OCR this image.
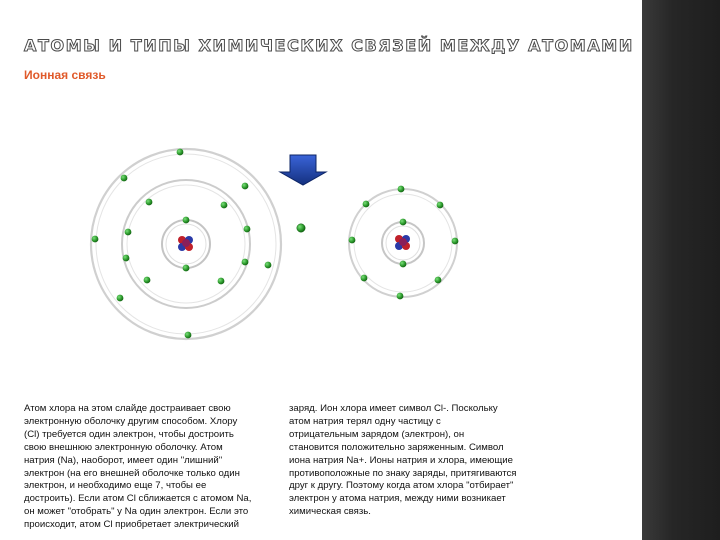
АТОМЫ И ТИПЫ ХИМИЧЕСКИХ СВЯЗЕЙ МЕЖДУ АТОМАМИ
Ионная связь
Атом хлора на этом слайде достраивает свою
электронную оболочку другим способом. Хлору
(Cl) требуется один электрон, чтобы достроить
свою внешнюю электронную оболочку. Атом
натрия (Na), наоборот, имеет один "лишний"
электрон (на его внешней оболочке только один
электрон, и необходимо еще 7, чтобы ее
достроить). Если атом Cl сближается с атомом Na,
он может "отобрать" у Na один электрон. Если это
происходит, атом Cl приобретает электрический
заряд. Ион хлора имеет символ Cl-. Поскольку
атом натрия терял одну частицу с
отрицательным зарядом (электрон), он
становится положительно заряженным. Символ
иона натрия Na+. Ионы натрия и хлора, имеющие
противоположные по знаку заряды, притягиваются
друг к другу. Поэтому когда атом хлора "отбирает"
электрон у атома натрия, между ними возникает
химическая связь.
